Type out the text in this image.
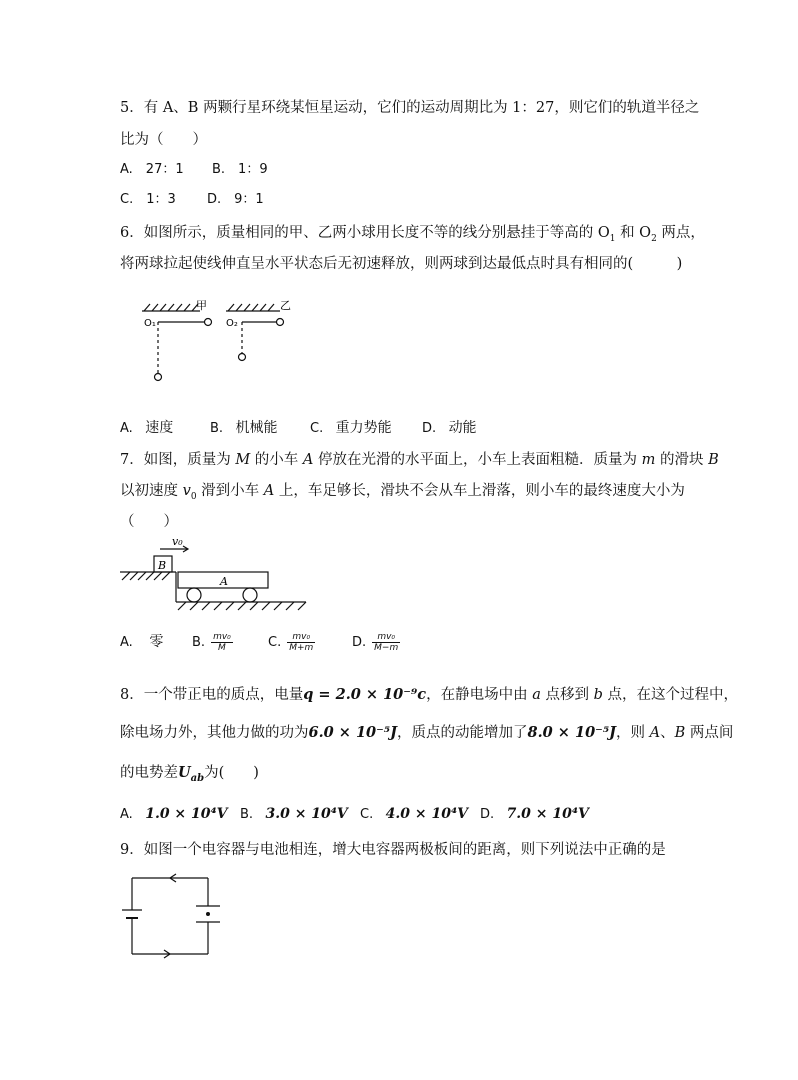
5．有 A、B 两颗行星环绕某恒星运动，它们的运动周期比为 1：27，则它们的轨道半径之
比为（　　）
A.　27：1 B.　1：9
C.　1：3 D.　9：1
6．如图所示，质量相同的甲、乙两小球用长度不等的线分别悬挂于等高的 $O_1$ 和 $O_2$ 两点，
将两球拉起使线伸直呈水平状态后无初速释放，则两球到达最低点时具有相同的(　　　)
O₁	O₂
甲	乙
A. 速度	B. 机械能	C. 重力势能 D. 动能
7．如图，质量为 M 的小车 A 停放在光滑的水平面上，小车上表面粗糙．质量为 m 的滑块 B
以初速度 $v_0$ 滑到小车 A 上，车足够长，滑块不会从车上滑落，则小车的最终速度大小为
（　　）
v₀
B
A
A. 零 B. $\frac{\text{mv₀}}{M}$	C. $\frac{\text{mv₀}}{M+m}$	D. $\frac{\text{mv₀}}{M-m}$
8．一个带正电的质点，电量q = 2.0 × 10⁻⁹c，在静电场中由 a 点移到 b 点，在这个过程中，
除电场力外，其他力做的功为6.0 × 10⁻⁵J，质点的动能增加了8.0 × 10⁻⁵J，则 A、B 两点间
的电势差$U_{ab}$为(　　)
A. 1.0 × 10⁴V B. 3.0 × 10⁴V C. 4.0 × 10⁴V D. 7.0 × 10⁴V
9．如图一个电容器与电池相连，增大电容器两极板间的距离，则下列说法中正确的是
